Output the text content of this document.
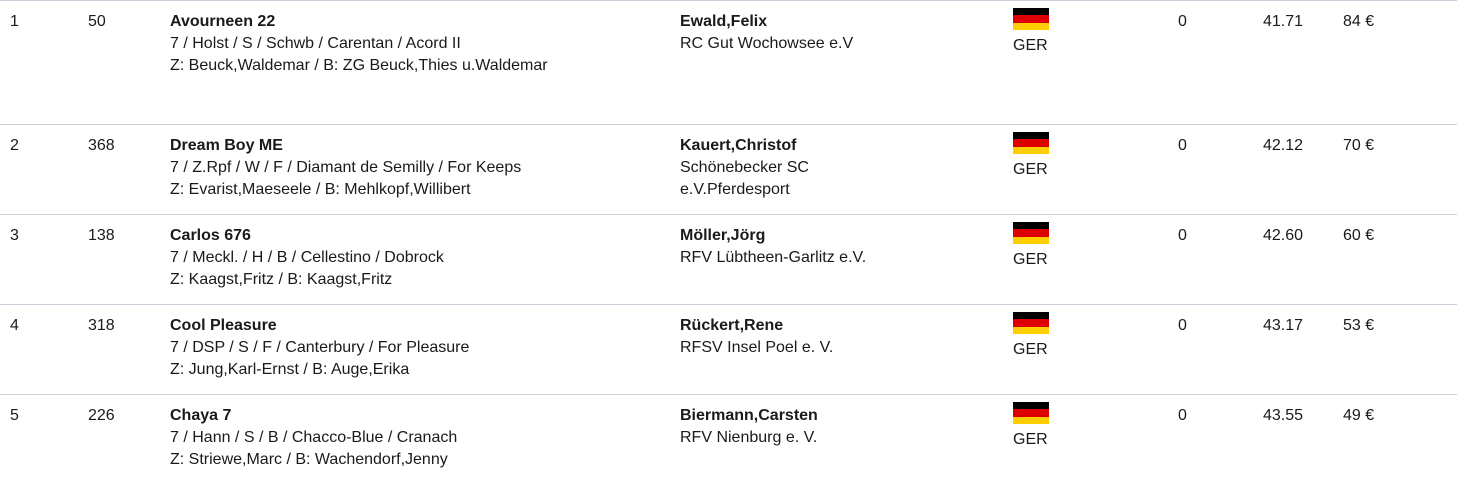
1	50	Avourneen 22
7 / Holst / S / Schwb / Carentan / Acord II
Z: Beuck,Waldemar / B: ZG Beuck,Thies u.Waldemar
Ewald,Felix
RC Gut Wochowsee e.V	GER
0	41.71 84 €
2	368	Dream Boy ME
7 / Z.Rpf / W / F / Diamant de Semilly / For Keeps
Z: Evarist,Maeseele / B: Mehlkopf,Willibert
Kauert,Christof
Schönebecker SC e.V.Pferdesport
GER
0	42.12 70 €
3	138	Carlos 676
7 / Meckl. / H / B / Cellestino / Dobrock
Z: Kaagst,Fritz / B: Kaagst,Fritz
Möller,Jörg
RFV Lübtheen-Garlitz e.V.	GER
0	42.60 60 €
4	318	Cool Pleasure
7 / DSP / S / F / Canterbury / For Pleasure
Z: Jung,Karl-Ernst / B: Auge,Erika
Rückert,Rene
RFSV Insel Poel e. V.	GER
0	43.17 53 €
5	226	Chaya 7
7 / Hann / S / B / Chacco-Blue / Cranach
Z: Striewe,Marc / B: Wachendorf,Jenny
Biermann,Carsten
RFV Nienburg e. V.	GER
0	43.55 49 €
